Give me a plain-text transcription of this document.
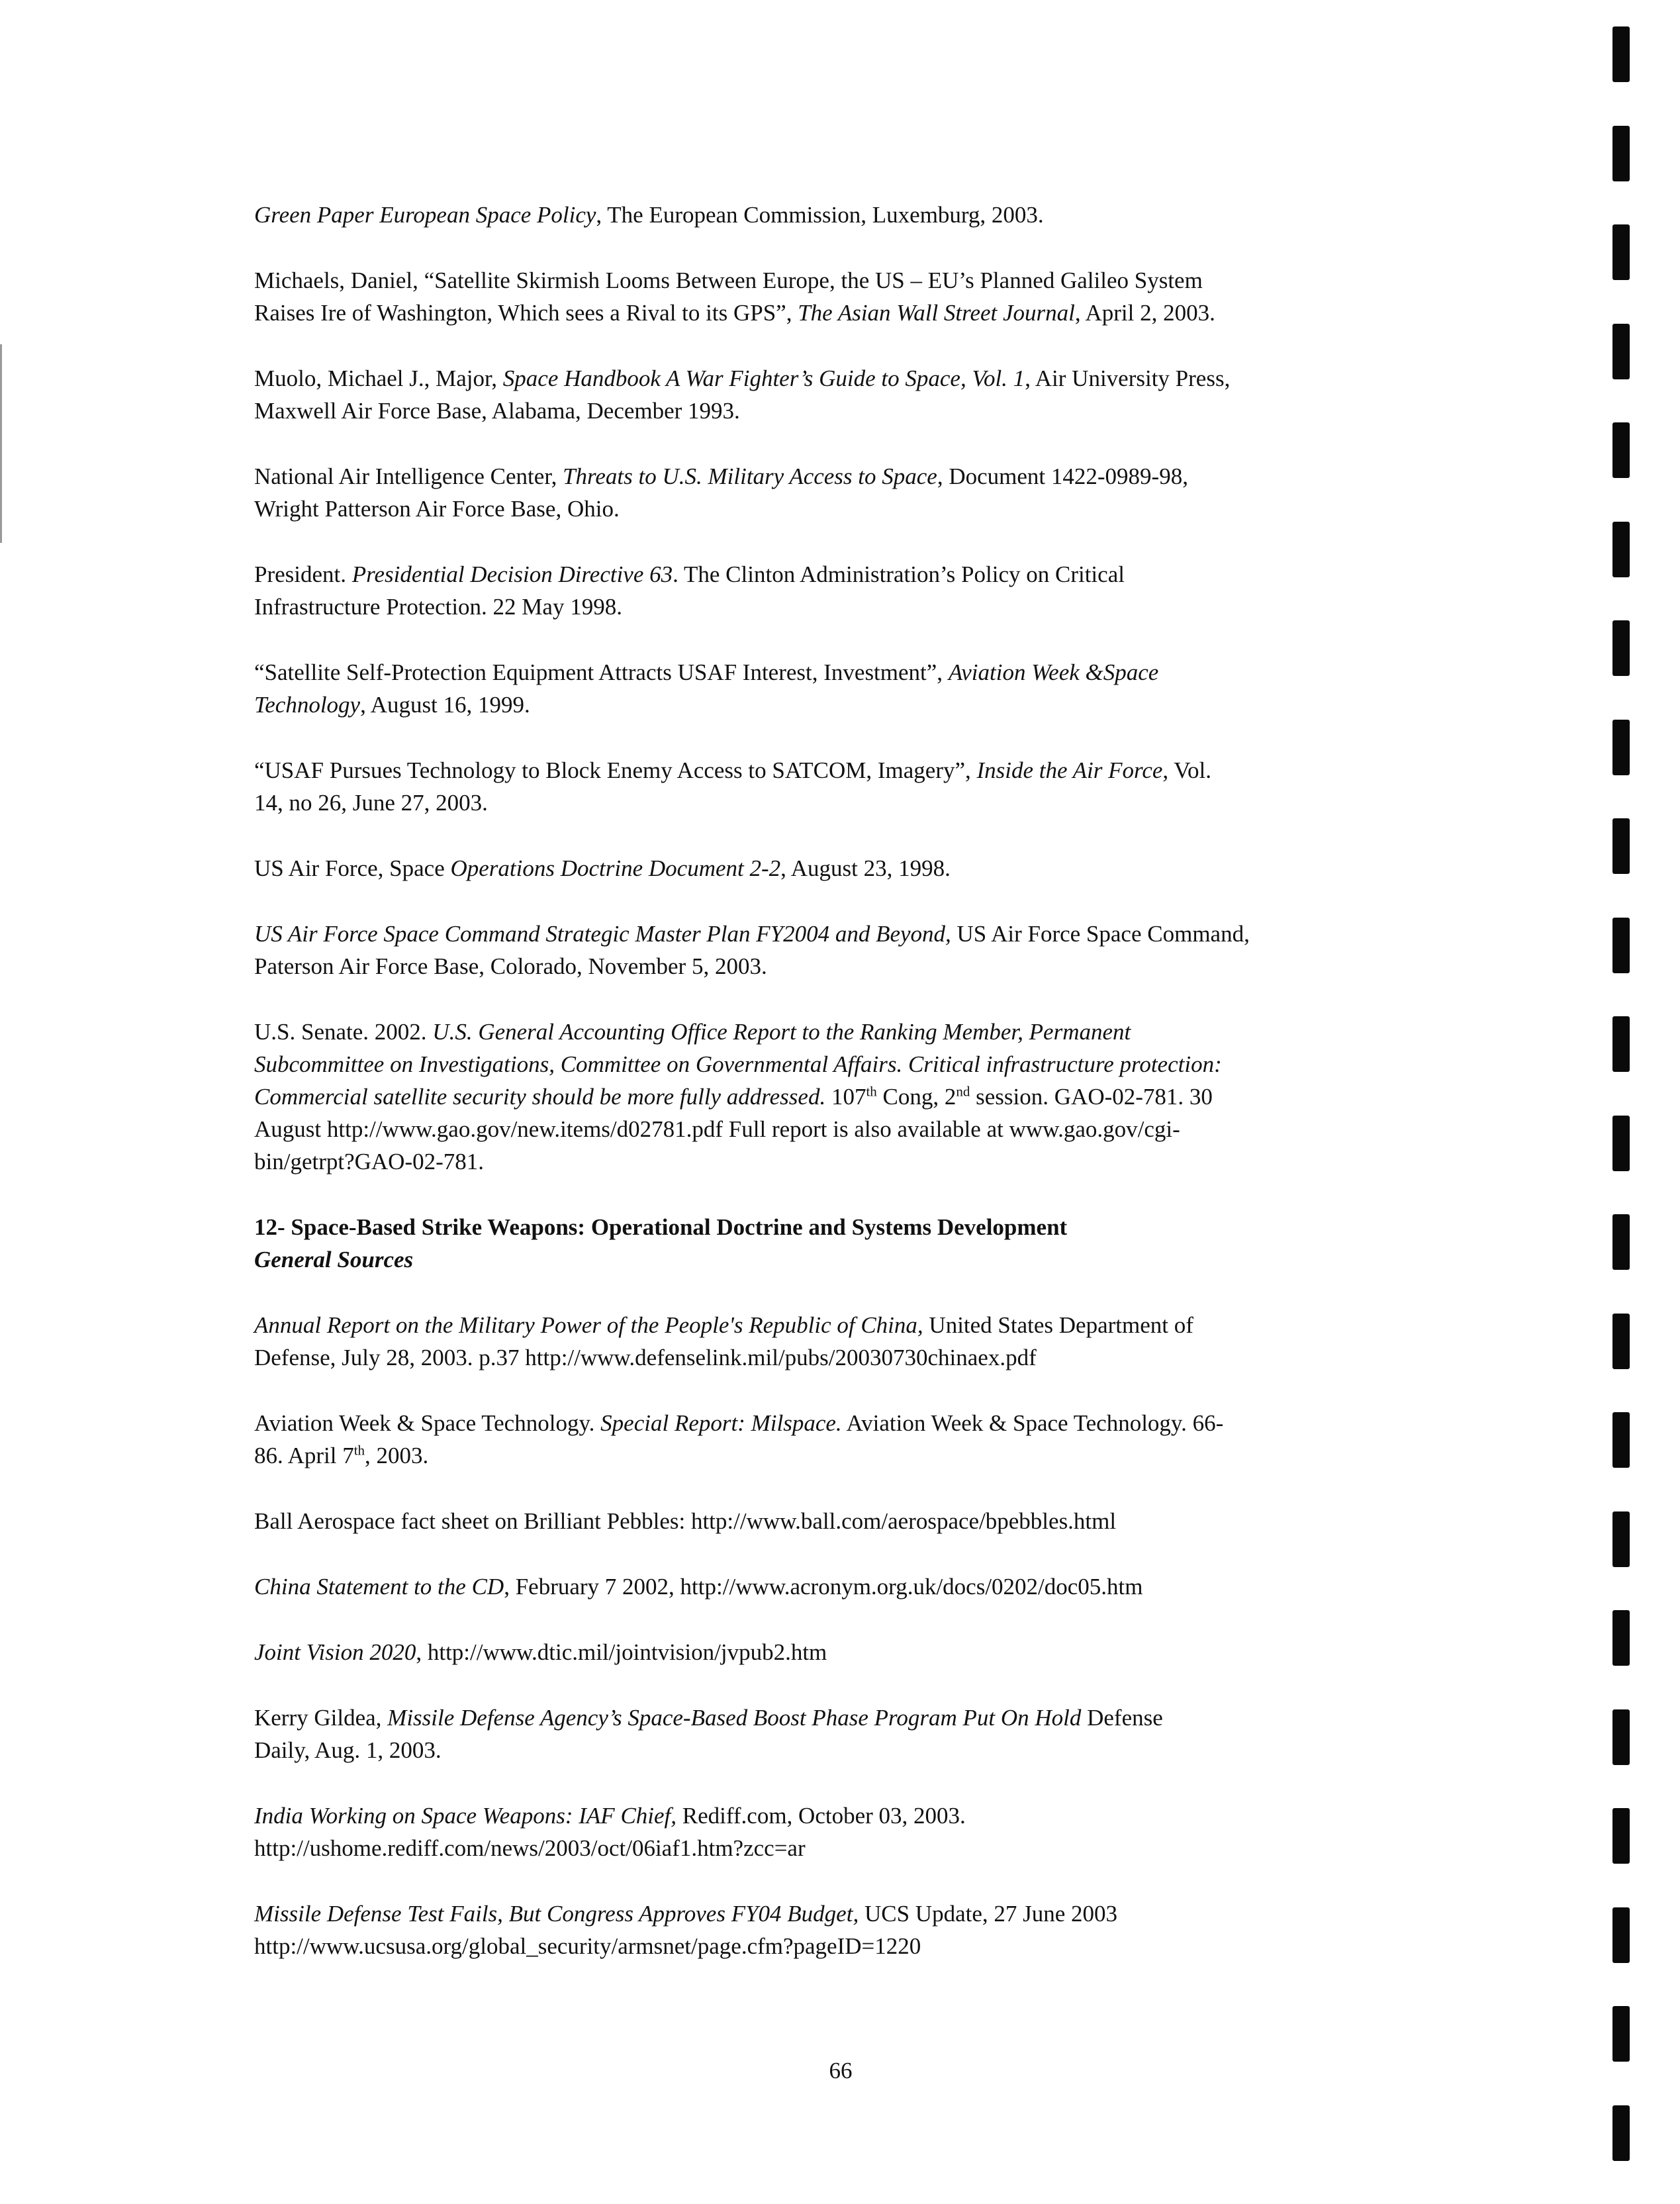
Green Paper European Space Policy, The European Commission, Luxemburg, 2003.
Michaels, Daniel, “Satellite Skirmish Looms Between Europe, the US – EU’s Planned Galileo System
Raises Ire of Washington, Which sees a Rival to its GPS”, The Asian Wall Street Journal, April 2, 2003.
Muolo, Michael J., Major, Space Handbook A War Fighter’s Guide to Space, Vol. 1, Air University Press,
Maxwell Air Force Base, Alabama, December 1993.
National Air Intelligence Center, Threats to U.S. Military Access to Space, Document 1422-0989-98,
Wright Patterson Air Force Base, Ohio.
President. Presidential Decision Directive 63. The Clinton Administration’s Policy on Critical
Infrastructure Protection. 22 May 1998.
“Satellite Self-Protection Equipment Attracts USAF Interest, Investment”, Aviation Week &Space
Technology, August 16, 1999.
“USAF Pursues Technology to Block Enemy Access to SATCOM, Imagery”, Inside the Air Force, Vol.
14, no 26, June 27, 2003.
US Air Force, Space Operations Doctrine Document 2-2, August 23, 1998.
US Air Force Space Command Strategic Master Plan FY2004 and Beyond, US Air Force Space Command,
Paterson Air Force Base, Colorado, November 5, 2003.
U.S. Senate. 2002. U.S. General Accounting Office Report to the Ranking Member, Permanent
Subcommittee on Investigations, Committee on Governmental Affairs. Critical infrastructure protection:
Commercial satellite security should be more fully addressed. 107th Cong, 2nd session. GAO-02-781. 30
August http://www.gao.gov/new.items/d02781.pdf Full report is also available at www.gao.gov/cgi-
bin/getrpt?GAO-02-781.
12- Space-Based Strike Weapons: Operational Doctrine and Systems Development
General Sources
Annual Report on the Military Power of the People's Republic of China, United States Department of
Defense, July 28, 2003. p.37 http://www.defenselink.mil/pubs/20030730chinaex.pdf
Aviation Week & Space Technology. Special Report: Milspace. Aviation Week & Space Technology. 66-
86. April 7th, 2003.
Ball Aerospace fact sheet on Brilliant Pebbles: http://www.ball.com/aerospace/bpebbles.html
China Statement to the CD, February 7 2002, http://www.acronym.org.uk/docs/0202/doc05.htm
Joint Vision 2020, http://www.dtic.mil/jointvision/jvpub2.htm
Kerry Gildea, Missile Defense Agency’s Space-Based Boost Phase Program Put On Hold Defense
Daily, Aug. 1, 2003.
India Working on Space Weapons: IAF Chief, Rediff.com, October 03, 2003.
http://ushome.rediff.com/news/2003/oct/06iaf1.htm?zcc=ar
Missile Defense Test Fails, But Congress Approves FY04 Budget, UCS Update, 27 June 2003
http://www.ucsusa.org/global_security/armsnet/page.cfm?pageID=1220
66
